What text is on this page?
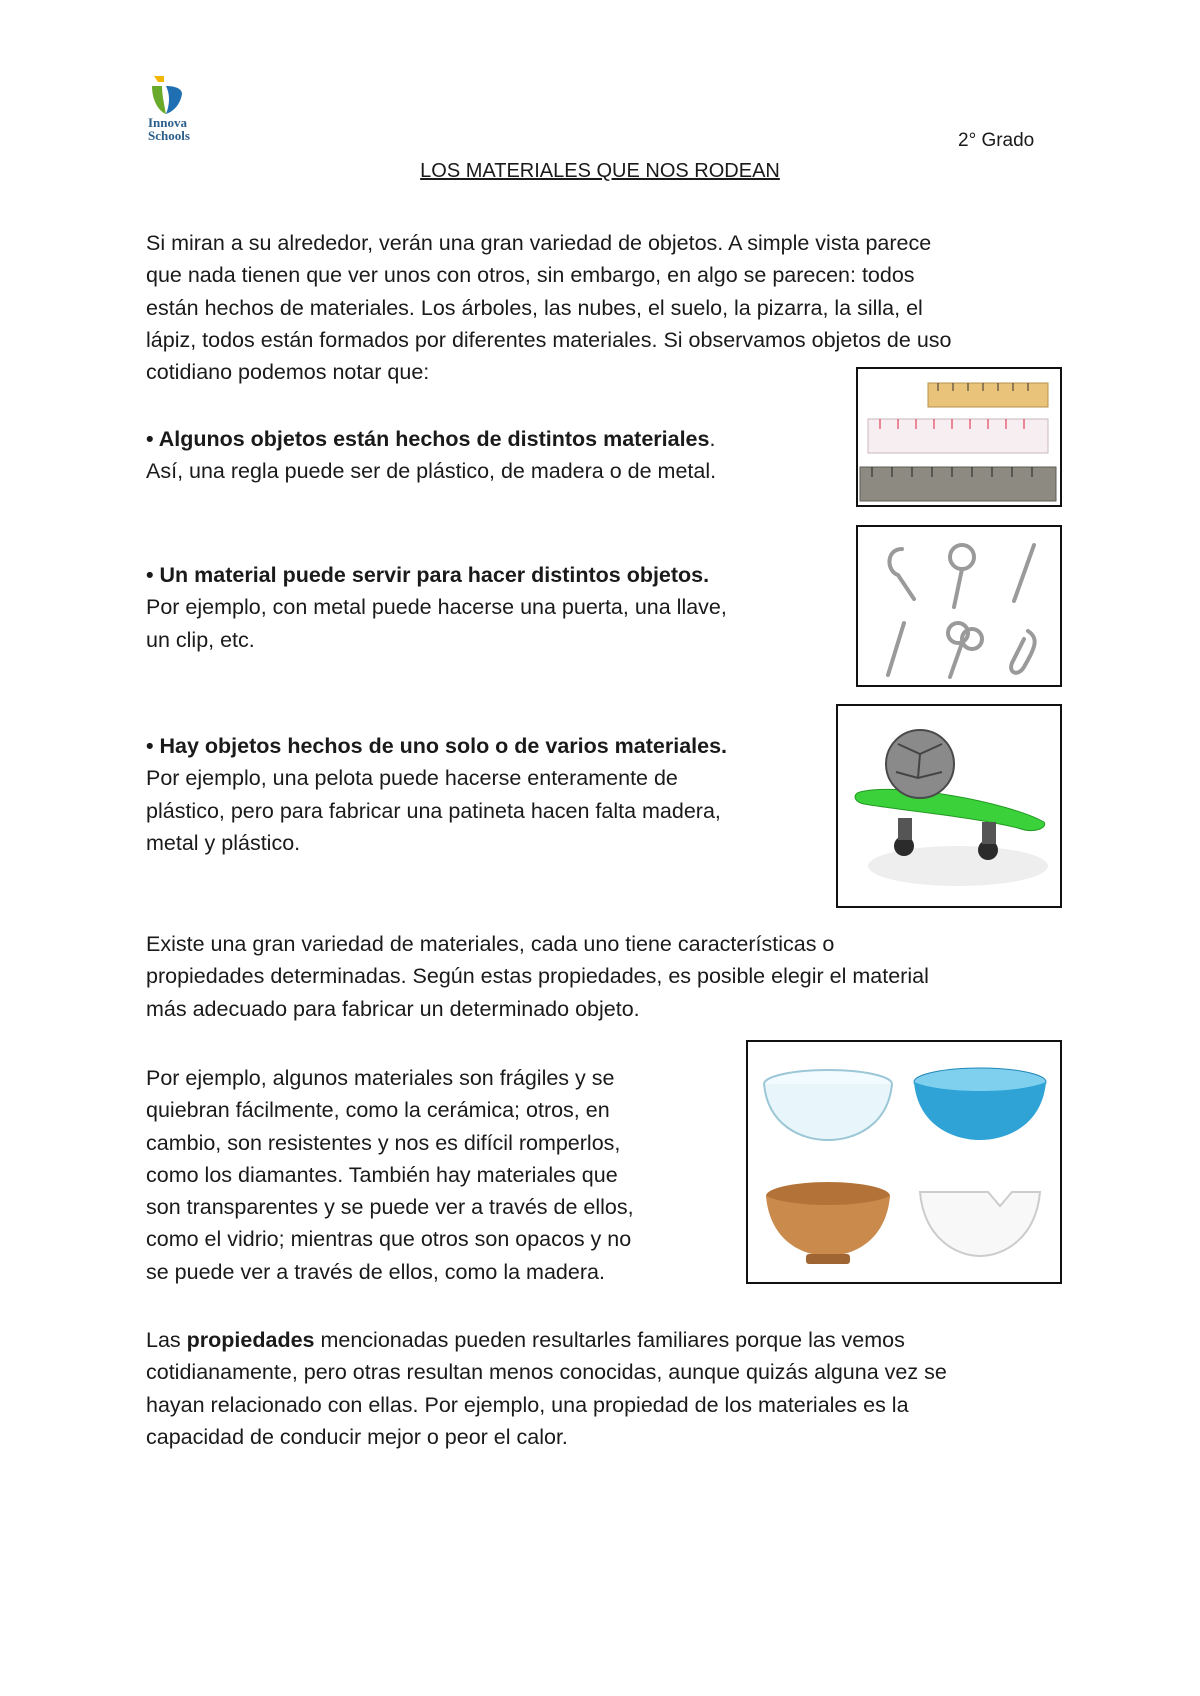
Innova
Schools	2° Grado
LOS MATERIALES QUE NOS RODEAN
Si miran a su alrededor, verán una gran variedad de objetos. A simple vista parece
que nada tienen que ver unos con otros, sin embargo, en algo se parecen: todos
están hechos de materiales. Los árboles, las nubes, el suelo, la pizarra, la silla, el
lápiz, todos están formados por diferentes materiales. Si observamos objetos de uso
cotidiano podemos notar que:
• Algunos objetos están hechos de distintos materiales.
Así, una regla puede ser de plástico, de madera o de metal.
• Un material puede servir para hacer distintos objetos.
Por ejemplo, con metal puede hacerse una puerta, una llave,
un clip, etc.
• Hay objetos hechos de uno solo o de varios materiales.
Por ejemplo, una pelota puede hacerse enteramente de
plástico, pero para fabricar una patineta hacen falta madera,
metal y plástico.
Existe una gran variedad de materiales, cada uno tiene características o
propiedades determinadas. Según estas propiedades, es posible elegir el material
más adecuado para fabricar un determinado objeto.
Por ejemplo, algunos materiales son frágiles y se
quiebran fácilmente, como la cerámica; otros, en
cambio, son resistentes y nos es difícil romperlos,
como los diamantes. También hay materiales que
son transparentes y se puede ver a través de ellos,
como el vidrio; mientras que otros son opacos y no
se puede ver a través de ellos, como la madera.
Las propiedades mencionadas pueden resultarles familiares porque las vemos
cotidianamente, pero otras resultan menos conocidas, aunque quizás alguna vez se
hayan relacionado con ellas. Por ejemplo, una propiedad de los materiales es la
capacidad de conducir mejor o peor el calor.
